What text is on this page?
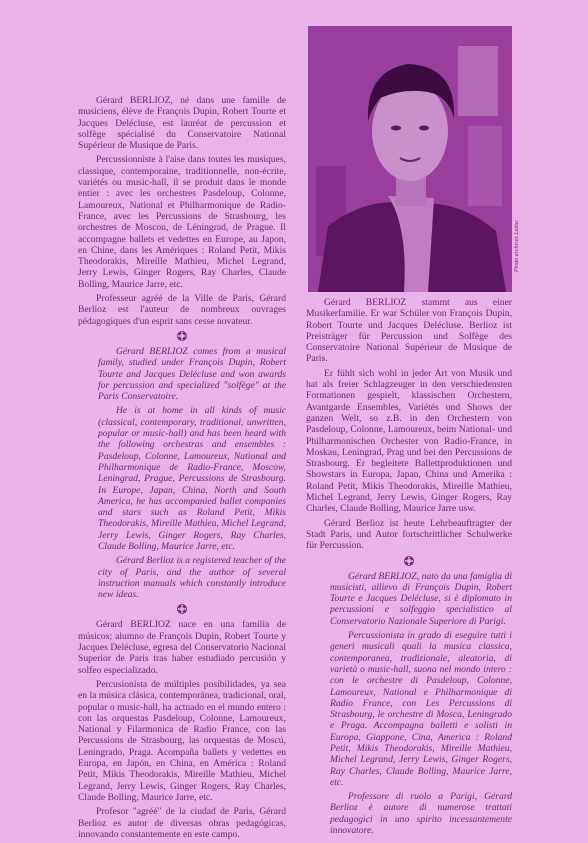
Gérard BERLIOZ, né dans une famille de musiciens, élève de François Dupin, Robert Tourte et Jacques Delécluse, est lauréat de percussion et solfège spécialisé du Conservatoire National Supérieur de Musique de Paris.

Percussionniste à l'aise dans toutes les musiques, classique, contemporaine, traditionnelle, non-écrite, variétés ou music-hall, il se produit dans le monde entier : avec les orchestres Pasdeloup, Colonne, Lamoureux, National et Philharmonique de Radio-France, avec les Percussions de Strasbourg, les orchestres de Moscou, de Léningrad, de Prague. Il accompagne ballets et vedettes en Europe, au Japon, en Chine, dans les Amériques : Roland Petit, Mikis Theodorakis, Mireille Mathieu, Michel Legrand, Jerry Lewis, Ginger Rogers, Ray Charles, Claude Bolling, Maurice Jarre, etc.

Professeur agréé de la Ville de Paris, Gérard Berlioz est l'auteur de nombreux ouvrages pédagogiques d'un esprit sans cesse novateur.

Gérard BERLIOZ comes from a musical family, studied under François Dupin, Robert Tourte and Jacques Delécluse and won awards for percussion and specialized "solfège" at the Paris Conservatoire.

He is at home in all kinds of music (classical, contemporary, traditional, unwritten, popular or music-hall) and has been heard with the following orchestras and ensembles : Pasdeloup, Colonne, Lamoureux, National and Philharmonique de Radio-France, Moscow, Leningrad, Prague, Percussions de Strasbourg. In Europe, Japan, China, North and South America, he has accompanied ballet companies and stars such as Roland Petit, Mikis Theodorakis, Mireille Mathieu, Michel Legrand, Jerry Lewis, Ginger Rogers, Ray Charles, Claude Bolling, Maurice Jarre, etc.

Gérard Berlioz is a registered teacher of the city of Paris, and the author of several instruction manuals which constantly introduce new ideas.

Gérard BERLIOZ nace en una familia de músicos; alumno de François Dupin, Robert Tourte y Jacques Delécluse, egresa del Conservatorio Nacional Superior de Paris tras haber estudiado percusión y solfeo especializado.

Percusionista de múltiples posibilidades, ya sea en la música clásica, contemporánea, tradicional, oral, popular o music-hall, ha actuado en el mundo entero : con las orquestas Pasdeloup, Colonne, Lamoureux, National y Filarmonica de Radio France, con las Percussions de Strasbourg, las orquestas de Moscú, Leningrado, Praga. Acompaña ballets y vedettes en Europa, en Japón, en China, en América : Roland Petit, Mikis Theodorakis, Mireille Mathieu, Michel Legrand, Jerry Lewis, Ginger Rogers, Ray Charles, Claude Bolling, Maurice Jarre, etc.

Profesor "agréé" de la ciudad de Paris, Gérard Berlioz es autor de diversas obras pedagógicas, innovando constantemente en este campo.

Photo archives Leduc

Gérard BERLIOZ stammt aus einer Musikerfamilie. Er war Schüler von François Dupin, Robert Tourte und Jacques Delécluse. Berlioz ist Preisträger für Percussion und Solfège des Conservatoire National Supérieur de Musique de Paris.

Er fühlt sich wohl in jeder Art von Musik und hat als freier Schlagzeuger in den verschiedensten Formationen gespielt, klassischen Orchestern, Avantgarde Ensembles, Variétés und Shows der ganzen Welt, so z.B. in den Orchestern von Pasdeloup, Colonne, Lamoureux, beim National- und Philharmonischen Orchester von Radio-France, in Moskau, Leningrad, Prag und bei den Percussions de Strasbourg. Er begleitete Ballettproduktionen und Showstars in Europa, Japan, China und Amerika : Roland Petit, Mikis Theodorakis, Mireille Mathieu, Michel Legrand, Jerry Lewis, Ginger Rogers, Ray Charles, Claude Bolling, Maurice Jarre usw.

Gérard Berlioz ist heute Lehrbeauftragter der Stadt Paris, und Autor fortschrittlicher Schulwerke für Percussion.

Gérard BERLIOZ, nato da una famiglia di musicisti, allievo di François Dupin, Robert Tourte e Jacques Delécluse, si è diplomato in percussioni e solfeggio specialistico al Conservatorio Nazionale Superiore di Parigi.

Percussionista in grado di eseguire tutti i generi musicali quali la musica classica, contemporanea, tradizionale, aleatoria, di varietà o music-hall, suona nel mondo intero : con le orchestre di Pasdeloup, Colonne, Lamoureux, National e Philharmonique di Radio France, con Les Percussions di Strasbourg, le orchestre di Mosca, Leningrado e Praga. Accompagna balletti e solisti in Europa, Giappone, Cina, America : Roland Petit, Mikis Theodorakis, Mireille Mathieu, Michel Legrand, Jerry Lewis, Ginger Rogers, Ray Charles, Claude Bolling, Maurice Jarre, etc.

Professore di ruolo a Parigi, Gérard Berlioz è autore di numerose trattati pedagogici in uno spirito incessantemente innovatore.
